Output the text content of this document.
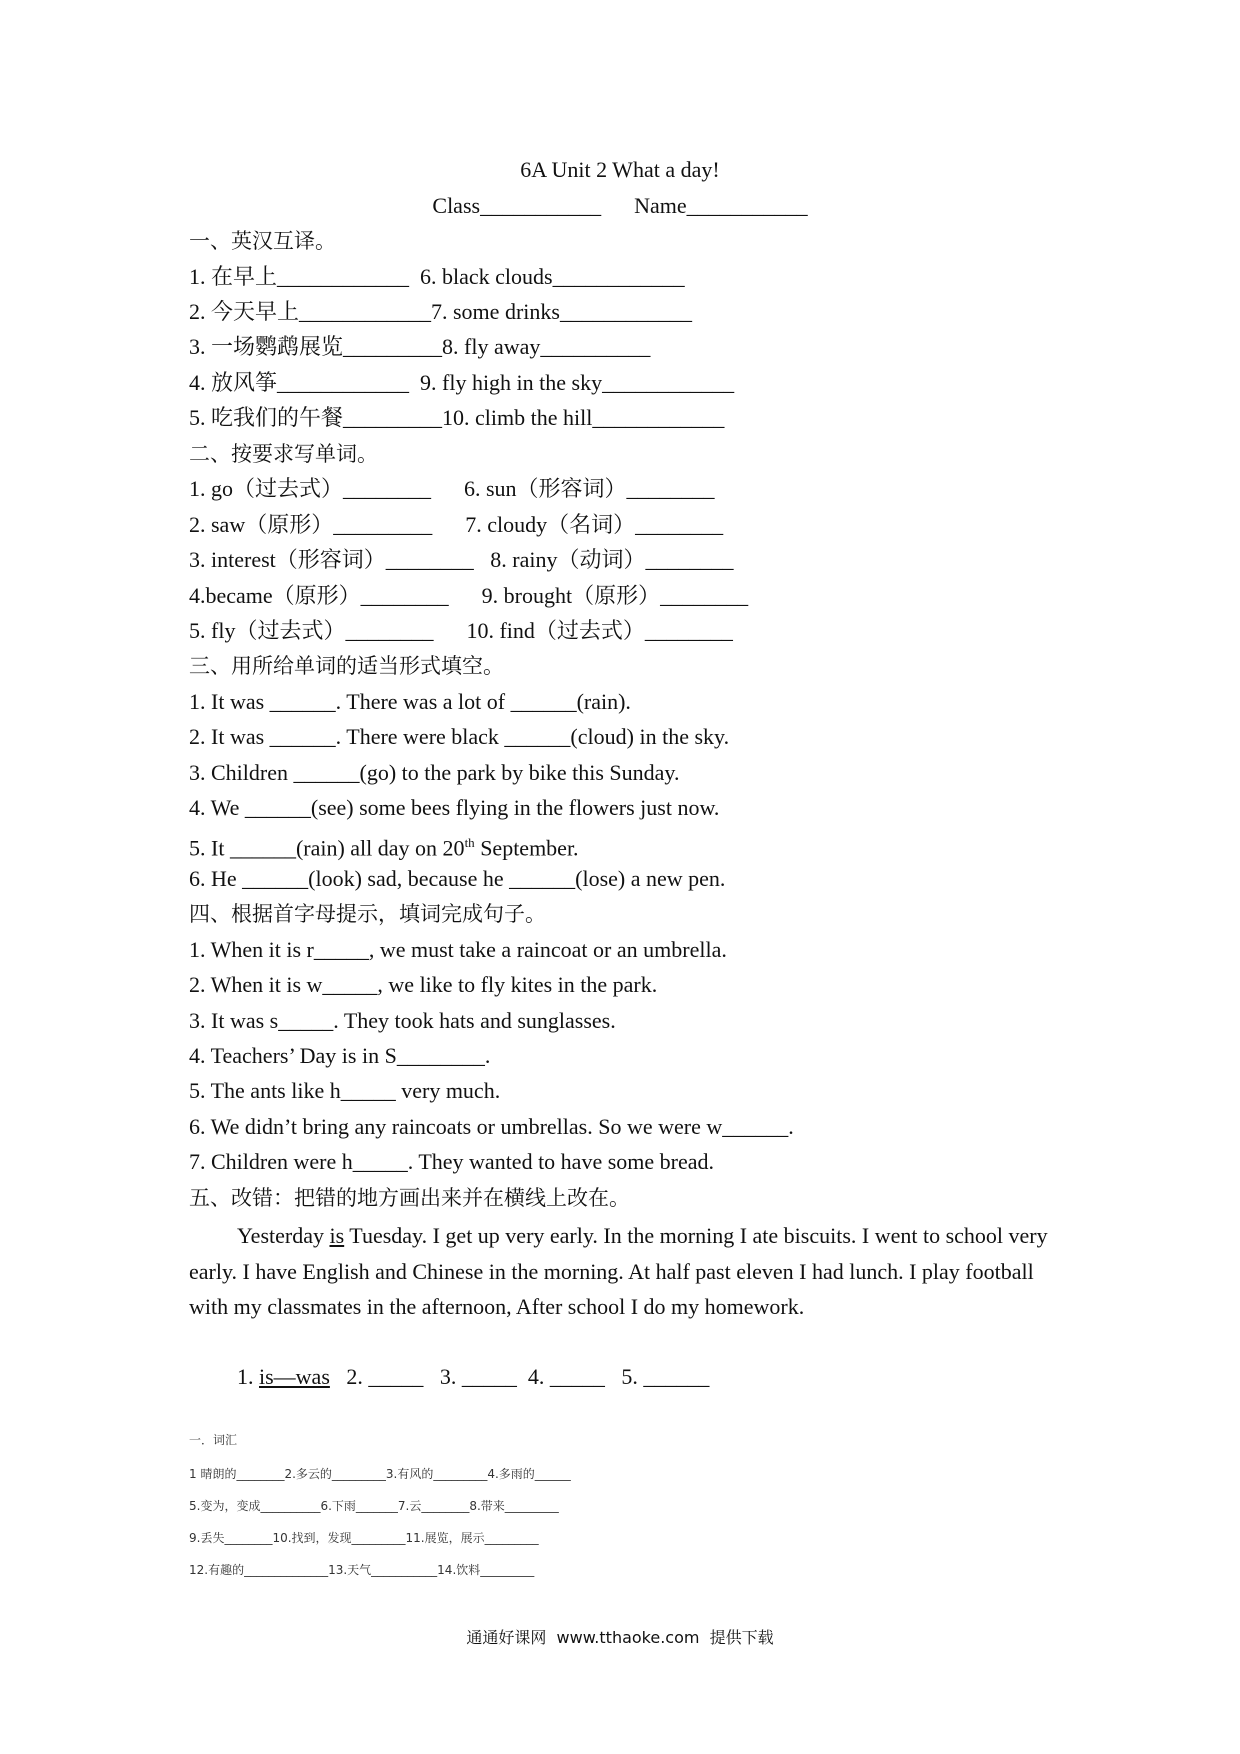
6A Unit 2 What a day!
Class___________      Name___________
一、英汉互译。
1. 在早上____________  6. black clouds____________
2. 今天早上____________7. some drinks____________
3. 一场鹦鹉展览_________8. fly away__________
4. 放风筝____________  9. fly high in the sky____________
5. 吃我们的午餐_________10. climb the hill____________
二、按要求写单词。
1. go（过去式）________      6. sun（形容词）________
2. saw（原形）_________      7. cloudy（名词）________
3. interest（形容词）________   8. rainy（动词）________
4.became（原形）________      9. brought（原形）________
5. fly（过去式）________      10. find（过去式）________
三、用所给单词的适当形式填空。
1. It was ______. There was a lot of ______(rain).
2. It was ______. There were black ______(cloud) in the sky.
3. Children ______(go) to the park by bike this Sunday.
4. We ______(see) some bees flying in the flowers just now.
5. It ______(rain) all day on 20th September.
6. He ______(look) sad, because he ______(lose) a new pen.
四、根据首字母提示，填词完成句子。
1. When it is r_____, we must take a raincoat or an umbrella.
2. When it is w_____, we like to fly kites in the park.
3. It was s_____. They took hats and sunglasses.
4. Teachers’ Day is in S________.
5. The ants like h_____ very much.
6. We didn’t bring any raincoats or umbrellas. So we were w______.
7. Children were h_____. They wanted to have some bread.
五、改错：把错的地方画出来并在横线上改在。
Yesterday is Tuesday. I get up very early. In the morning I ate biscuits. I went to school very early. I have English and Chinese in the morning. At half past eleven I had lunch. I play football with my classmates in the afternoon, After school I do my homework.
1. is—was   2. _____   3. _____  4. _____   5. ______
一．词汇
1 晴朗的________2.多云的_________3.有风的_________4.多雨的______
5.变为，变成__________6.下雨_______7.云________8.带来_________
9.丢失________10.找到，发现_________11.展览，展示_________
12.有趣的______________13.天气___________14.饮料_________
通通好课网  www.tthaoke.com  提供下载
